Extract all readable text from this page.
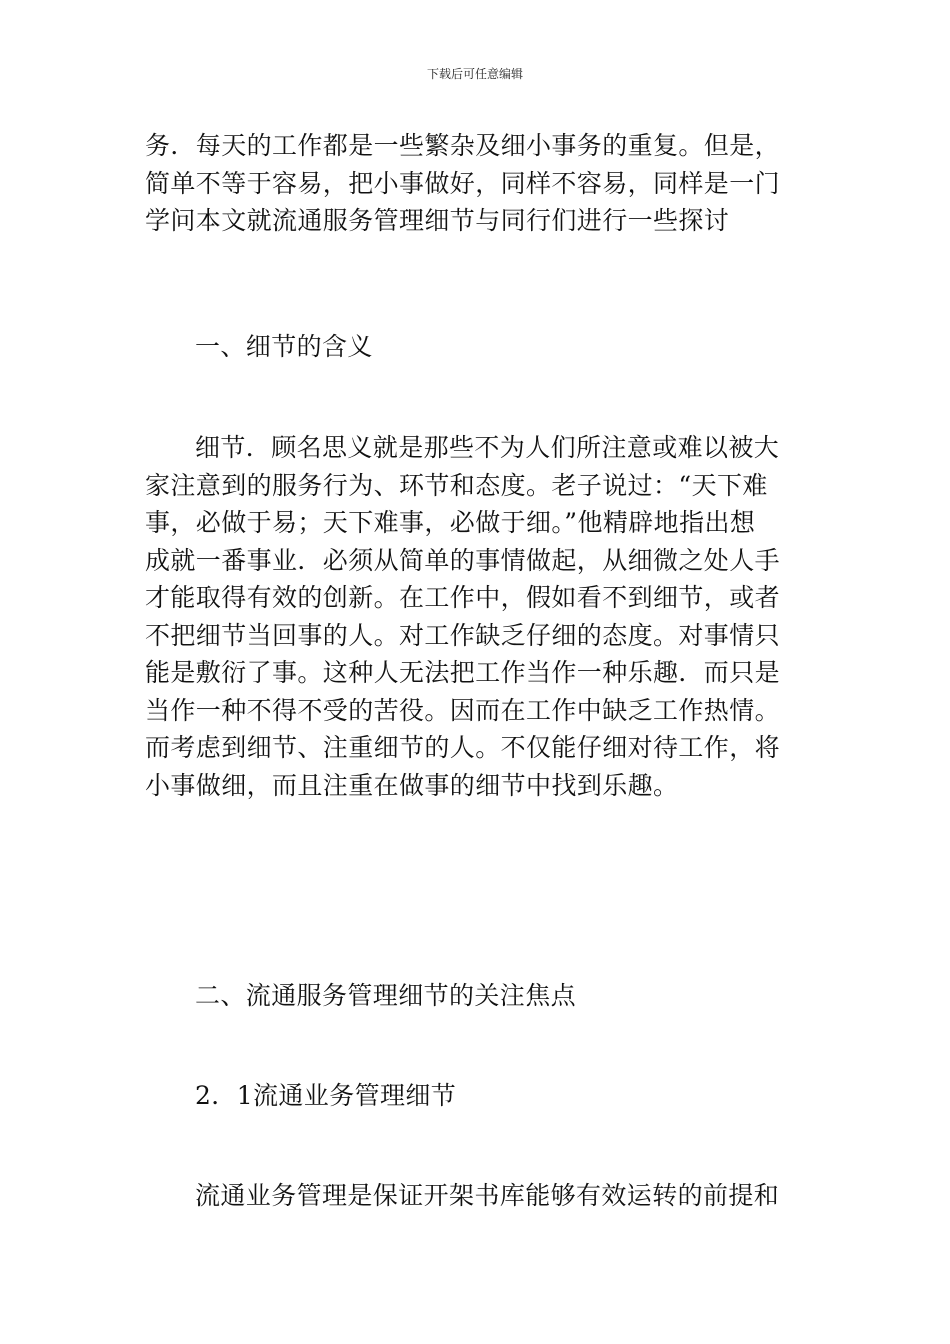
下载后可任意编辑
务．每天的工作都是一些繁杂及细小事务的重复。但是，
简单不等于容易，把小事做好，同样不容易，同样是一门
学问本文就流通服务管理细节与同行们进行一些探讨
一、细节的含义
细节．顾名思义就是那些不为人们所注意或难以被大
家注意到的服务行为、环节和态度。老子说过：“天下难
事，必做于易；天下难事，必做于细。”他精辟地指出想
成就一番事业．必须从简单的事情做起，从细微之处人手
才能取得有效的创新。在工作中，假如看不到细节，或者
不把细节当回事的人。对工作缺乏仔细的态度。对事情只
能是敷衍了事。这种人无法把工作当作一种乐趣．而只是
当作一种不得不受的苦役。因而在工作中缺乏工作热情。
而考虑到细节、注重细节的人。不仅能仔细对待工作，将
小事做细，而且注重在做事的细节中找到乐趣。
二、流通服务管理细节的关注焦点
2．1流通业务管理细节
流通业务管理是保证开架书库能够有效运转的前提和
